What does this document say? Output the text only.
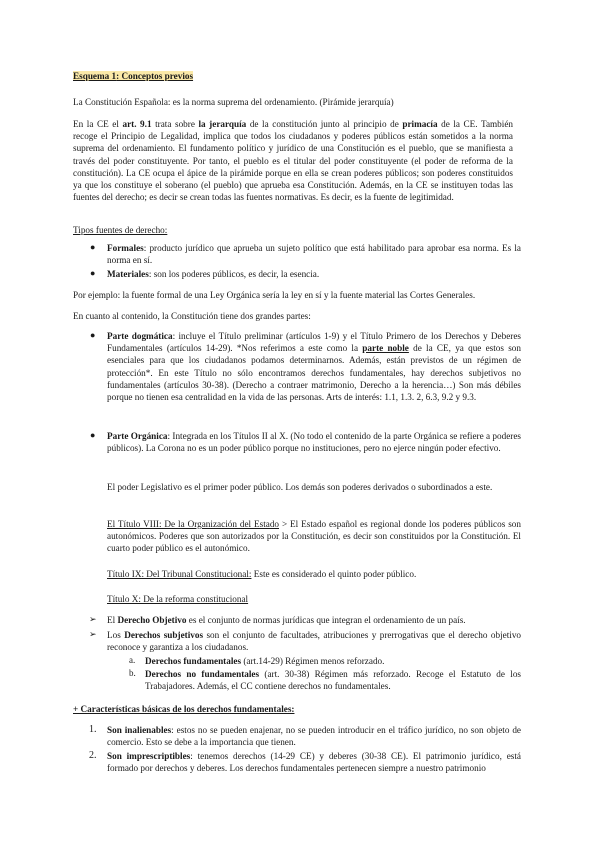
Esquema 1: Conceptos previos

La Constitución Española: es la norma suprema del ordenamiento. (Pirámide jerarquía)

En la CE el art. 9.1 trata sobre la jerarquía de la constitución junto al principio de primacía de la CE. También recoge el Principio de Legalidad, implica que todos los ciudadanos y poderes públicos están sometidos a la norma suprema del ordenamiento. El fundamento político y jurídico de una Constitución es el pueblo, que se manifiesta a través del poder constituyente. Por tanto, el pueblo es el titular del poder constituyente (el poder de reforma de la constitución). La CE ocupa el ápice de la pirámide porque en ella se crean poderes públicos; son poderes constituidos ya que los constituye el soberano (el pueblo) que aprueba esa Constitución. Además, en la CE se instituyen todas las fuentes del derecho; es decir se crean todas las fuentes normativas. Es decir, es la fuente de legitimidad.

Tipos fuentes de derecho:

● Formales: producto jurídico que aprueba un sujeto político que está habilitado para aprobar esa norma. Es la norma en sí.

● Materiales: son los poderes públicos, es decir, la esencia.

Por ejemplo: la fuente formal de una Ley Orgánica sería la ley en sí y la fuente material las Cortes Generales.

En cuanto al contenido, la Constitución tiene dos grandes partes:

● Parte dogmática: incluye el Título preliminar (artículos 1-9) y el Título Primero de los Derechos y Deberes Fundamentales (artículos 14-29). *Nos referimos a este como la parte noble de la CE, ya que estos son esenciales para que los ciudadanos podamos determinarnos. Además, están previstos de un régimen de protección*. En este Título no sólo encontramos derechos fundamentales, hay derechos subjetivos no fundamentales (artículos 30-38). (Derecho a contraer matrimonio, Derecho a la herencia…) Son más débiles porque no tienen esa centralidad en la vida de las personas. Arts de interés: 1.1, 1.3. 2, 6.3, 9.2 y 9.3.

● Parte Orgánica: Integrada en los Títulos II al X. (No todo el contenido de la parte Orgánica se refiere a poderes públicos). La Corona no es un poder público porque no instituciones, pero no ejerce ningún poder efectivo.

El poder Legislativo es el primer poder público. Los demás son poderes derivados o subordinados a este.

El Título VIII: De la Organización del Estado > El Estado español es regional donde los poderes públicos son autonómicos. Poderes que son autorizados por la Constitución, es decir son constituidos por la Constitución. El cuarto poder público es el autonómico.

Título IX: Del Tribunal Constitucional: Este es considerado el quinto poder público.

Título X: De la reforma constitucional

➢ El Derecho Objetivo es el conjunto de normas jurídicas que integran el ordenamiento de un país.

➢ Los Derechos subjetivos son el conjunto de facultades, atribuciones y prerrogativas que el derecho objetivo reconoce y garantiza a los ciudadanos.

a. Derechos fundamentales (art.14-29) Régimen menos reforzado.

b. Derechos no fundamentales (art. 30-38) Régimen más reforzado. Recoge el Estatuto de los Trabajadores. Además, el CC contiene derechos no fundamentales.

+ Características básicas de los derechos fundamentales:

1. Son inalienables: estos no se pueden enajenar, no se pueden introducir en el tráfico jurídico, no son objeto de comercio. Esto se debe a la importancia que tienen.

2. Son imprescriptibles: tenemos derechos (14-29 CE) y deberes (30-38 CE). El patrimonio jurídico, está formado por derechos y deberes. Los derechos fundamentales pertenecen siempre a nuestro patrimonio
